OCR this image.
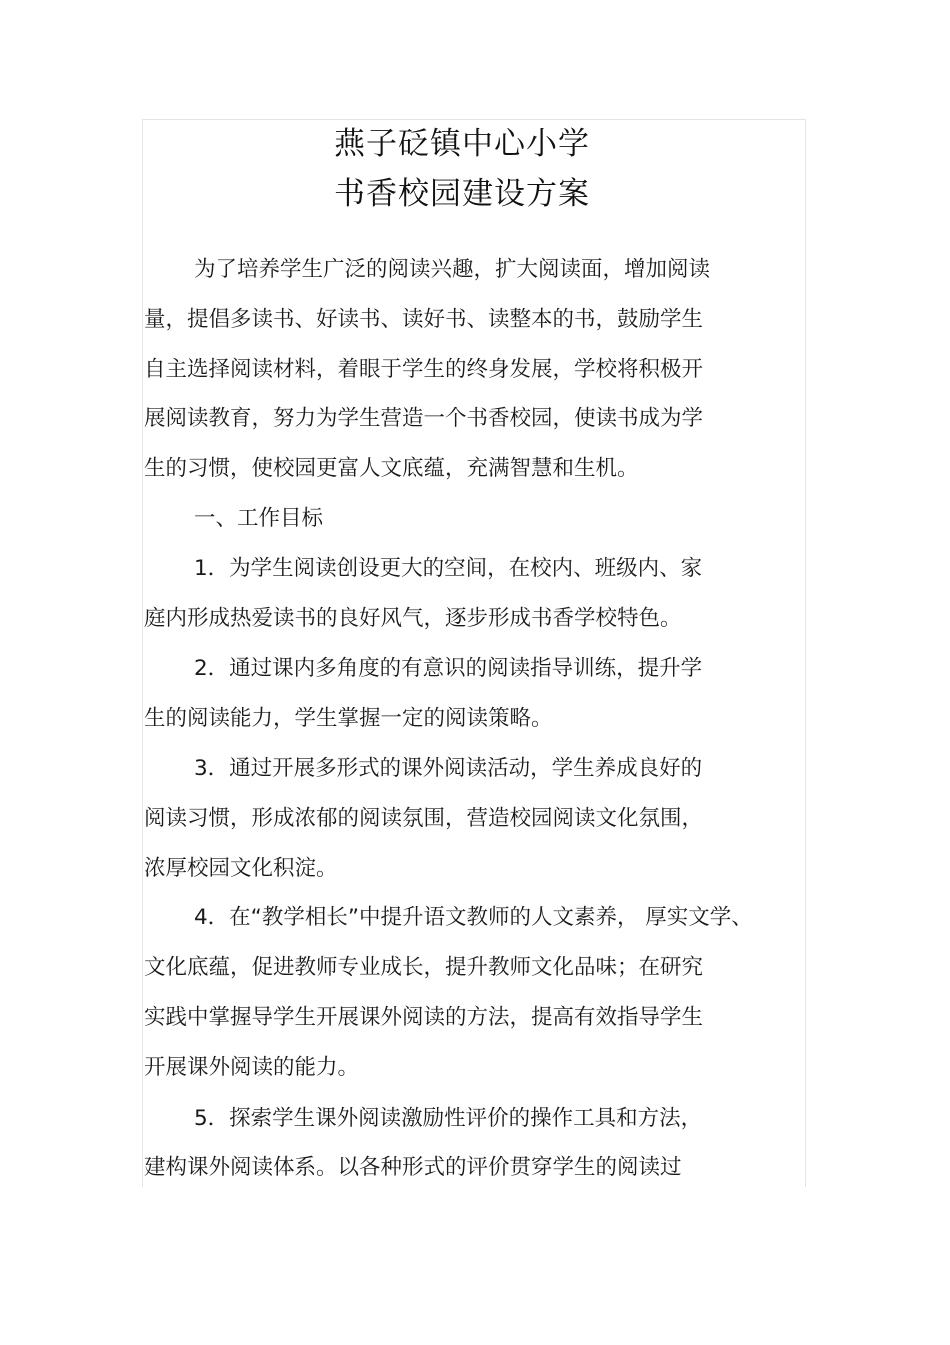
燕子砭镇中心小学
书香校园建设方案
为了培养学生广泛的阅读兴趣，扩大阅读面，增加阅读
量，提倡多读书、好读书、读好书、读整本的书，鼓励学生
自主选择阅读材料，着眼于学生的终身发展，学校将积极开
展阅读教育，努力为学生营造一个书香校园，使读书成为学
生的习惯，使校园更富人文底蕴，充满智慧和生机。
一、工作目标
1．为学生阅读创设更大的空间，在校内、班级内、家
庭内形成热爱读书的良好风气，逐步形成书香学校特色。
2．通过课内多角度的有意识的阅读指导训练，提升学
生的阅读能力，学生掌握一定的阅读策略。
3．通过开展多形式的课外阅读活动，学生养成良好的
阅读习惯，形成浓郁的阅读氛围，营造校园阅读文化氛围，
浓厚校园文化积淀。
4．在“教学相长”中提升语文教师的人文素养， 厚实文学、
文化底蕴，促进教师专业成长，提升教师文化品味；在研究
实践中掌握导学生开展课外阅读的方法，提高有效指导学生
开展课外阅读的能力。
5．探索学生课外阅读激励性评价的操作工具和方法，
建构课外阅读体系。以各种形式的评价贯穿学生的阅读过
